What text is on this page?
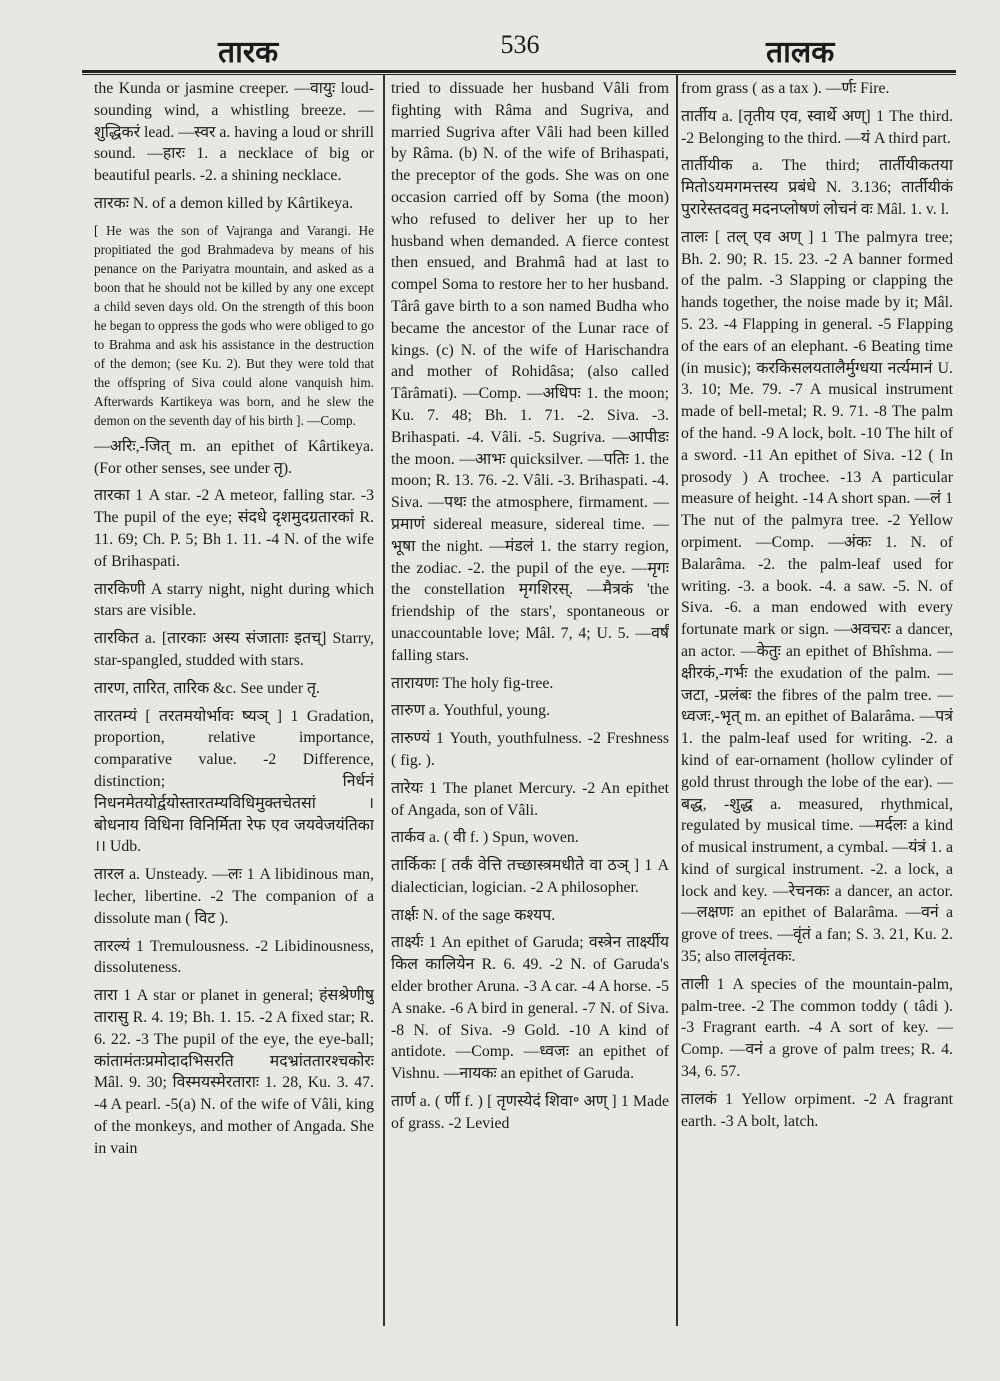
तारक	536	तालक

the Kunda or jasmine creeper. —वायुः loud-sounding wind, a whistling breeze. —शुद्धिकरं lead. —स्वर a. having a loud or shrill sound. —हारः 1. a necklace of big or beautiful pearls. -2. a shining necklace.

तारकः N. of a demon killed by Kârtikeya.

[ He was the son of Vajranga and Varangi. He propitiated the god Brahmadeva by means of his penance on the Pariyatra mountain, and asked as a boon that he should not be killed by any one except a child seven days old. On the strength of this boon he began to oppress the gods who were obliged to go to Brahma and ask his assistance in the destruction of the demon; (see Ku. 2). But they were told that the offspring of Siva could alone vanquish him. Afterwards Kartikeya was born, and he slew the demon on the seventh day of his birth ]. —Comp.

—अरिः,-जित् m. an epithet of Kârtikeya. (For other senses, see under तृ).

तारका 1 A star. -2 A meteor, falling star. -3 The pupil of the eye; संदधे दृशमुदग्रतारकां R. 11. 69; Ch. P. 5; Bh 1. 11. -4 N. of the wife of Brihaspati.

तारकिणी A starry night, night during which stars are visible.

तारकित a. [तारकाः अस्य संजाताः इतच्] Starry, star-spangled, studded with stars.

तारण, तारित, तारिक &c. See under तृ.

तारतम्यं [ तरतमयोर्भावः ष्यञ् ] 1 Gradation, proportion, relative importance, comparative value. -2 Difference, distinction; निर्धनं निधनमेतयोर्द्वयोस्तारतम्यविधिमुक्तचेतसां । बोधनाय विधिना विनिर्मिता रेफ एव जयवेजयंतिका ।। Udb.

तारल a. Unsteady. —लः 1 A libidinous man, lecher, libertine. -2 The companion of a dissolute man ( विट ).

तारल्यं 1 Tremulousness. -2 Libidinousness, dissoluteness.

तारा 1 A star or planet in general; हंसश्रेणीषु तारासु R. 4. 19; Bh. 1. 15. -2 A fixed star; R. 6. 22. -3 The pupil of the eye, the eye-ball; कांतामंतःप्रमोदादभिसरति मदभ्रांततारश्चकोरः Mâl. 9. 30; विस्मयस्मेरताराः 1. 28, Ku. 3. 47. -4 A pearl. -5(a) N. of the wife of Vâli, king of the monkeys, and mother of Angada. She in vain

tried to dissuade her husband Vâli from fighting with Râma and Sugriva, and married Sugriva after Vâli had been killed by Râma. (b) N. of the wife of Brihaspati, the preceptor of the gods. She was on one occasion carried off by Soma (the moon) who refused to deliver her up to her husband when demanded. A fierce contest then ensued, and Brahmâ had at last to compel Soma to restore her to her husband. Târâ gave birth to a son named Budha who became the ancestor of the Lunar race of kings. (c) N. of the wife of Harischandra and mother of Rohidâsa; (also called Târâmati). —Comp. —अधिपः 1. the moon; Ku. 7. 48; Bh. 1. 71. -2. Siva. -3. Brihaspati. -4. Vâli. -5. Sugriva. —आपीडः the moon. —आभः quicksilver. —पतिः 1. the moon; R. 13. 76. -2. Vâli. -3. Brihaspati. -4. Siva. —पथः the atmosphere, firmament. —प्रमाणं sidereal measure, sidereal time. —भूषा the night. —मंडलं 1. the starry region, the zodiac. -2. the pupil of the eye. —मृगः the constellation मृगशिरस्. —मैत्रकं 'the friendship of the stars', spontaneous or unaccountable love; Mâl. 7, 4; U. 5. —वर्षं falling stars.

तारायणः The holy fig-tree.

तारुण a. Youthful, young.

तारुण्यं 1 Youth, youthfulness. -2 Freshness ( fig. ).

तारेयः 1 The planet Mercury. -2 An epithet of Angada, son of Vâli.

तार्कव a. ( वी f. ) Spun, woven.

तार्किकः [ तर्कं वेत्ति तच्छास्त्रमधीते वा ठञ् ] 1 A dialectician, logician. -2 A philosopher.

तार्क्षः N. of the sage कश्यप.

तार्क्ष्यः 1 An epithet of Garuda; वस्त्रेन तार्क्ष्यीय किल कालियेन R. 6. 49. -2 N. of Garuda's elder brother Aruna. -3 A car. -4 A horse. -5 A snake. -6 A bird in general. -7 N. of Siva. -8 N. of Siva. -9 Gold. -10 A kind of antidote. —Comp. —ध्वजः an epithet of Vishnu. —नायकः an epithet of Garuda.

तार्ण a. ( र्णी f. ) [ तृणस्येदं शिवा॰ अण् ] 1 Made of grass. -2 Levied

from grass ( as a tax ). —र्णः Fire.

तार्तीय a. [तृतीय एव, स्वार्थे अण्] 1 The third. -2 Belonging to the third. —यं A third part.

तार्तीयीक a. The third; तार्तीयीकतया मितोऽयमगमत्तस्य प्रबंधे N. 3.136; तार्तीयीकं पुरारेस्तदवतु मदनप्लोषणं लोचनं वः Mâl. 1. v. l.

तालः [ तल् एव अण् ] 1 The palmyra tree; Bh. 2. 90; R. 15. 23. -2 A banner formed of the palm. -3 Slapping or clapping the hands together, the noise made by it; Mâl. 5. 23. -4 Flapping in general. -5 Flapping of the ears of an elephant. -6 Beating time (in music); करकिसलयतालैर्मुग्धया नर्त्यमानं U. 3. 10; Me. 79. -7 A musical instrument made of bell-metal; R. 9. 71. -8 The palm of the hand. -9 A lock, bolt. -10 The hilt of a sword. -11 An epithet of Siva. -12 ( In prosody ) A trochee. -13 A particular measure of height. -14 A short span. —लं 1 The nut of the palmyra tree. -2 Yellow orpiment. —Comp. —अंकः 1. N. of Balarâma. -2. the palm-leaf used for writing. -3. a book. -4. a saw. -5. N. of Siva. -6. a man endowed with every fortunate mark or sign. —अवचरः a dancer, an actor. —केतुः an epithet of Bhîshma. —क्षीरकं,-गर्भः the exudation of the palm. —जटा, -प्रलंबः the fibres of the palm tree. —ध्वजः,-भृत् m. an epithet of Balarâma. —पत्रं 1. the palm-leaf used for writing. -2. a kind of ear-ornament (hollow cylinder of gold thrust through the lobe of the ear). —बद्ध, -शुद्ध a. measured, rhythmical, regulated by musical time. —मर्दलः a kind of musical instrument, a cymbal. —यंत्रं 1. a kind of surgical instrument. -2. a lock, a lock and key. —रेचनकः a dancer, an actor. —लक्षणः an epithet of Balarâma. —वनं a grove of trees. —वृंतं a fan; S. 3. 21, Ku. 2. 35; also तालवृंतकः.

ताली 1 A species of the mountain-palm, palm-tree. -2 The common toddy ( tâdi ). -3 Fragrant earth. -4 A sort of key. —Comp. —वनं a grove of palm trees; R. 4. 34, 6. 57.

तालकं 1 Yellow orpiment. -2 A fragrant earth. -3 A bolt, latch.
